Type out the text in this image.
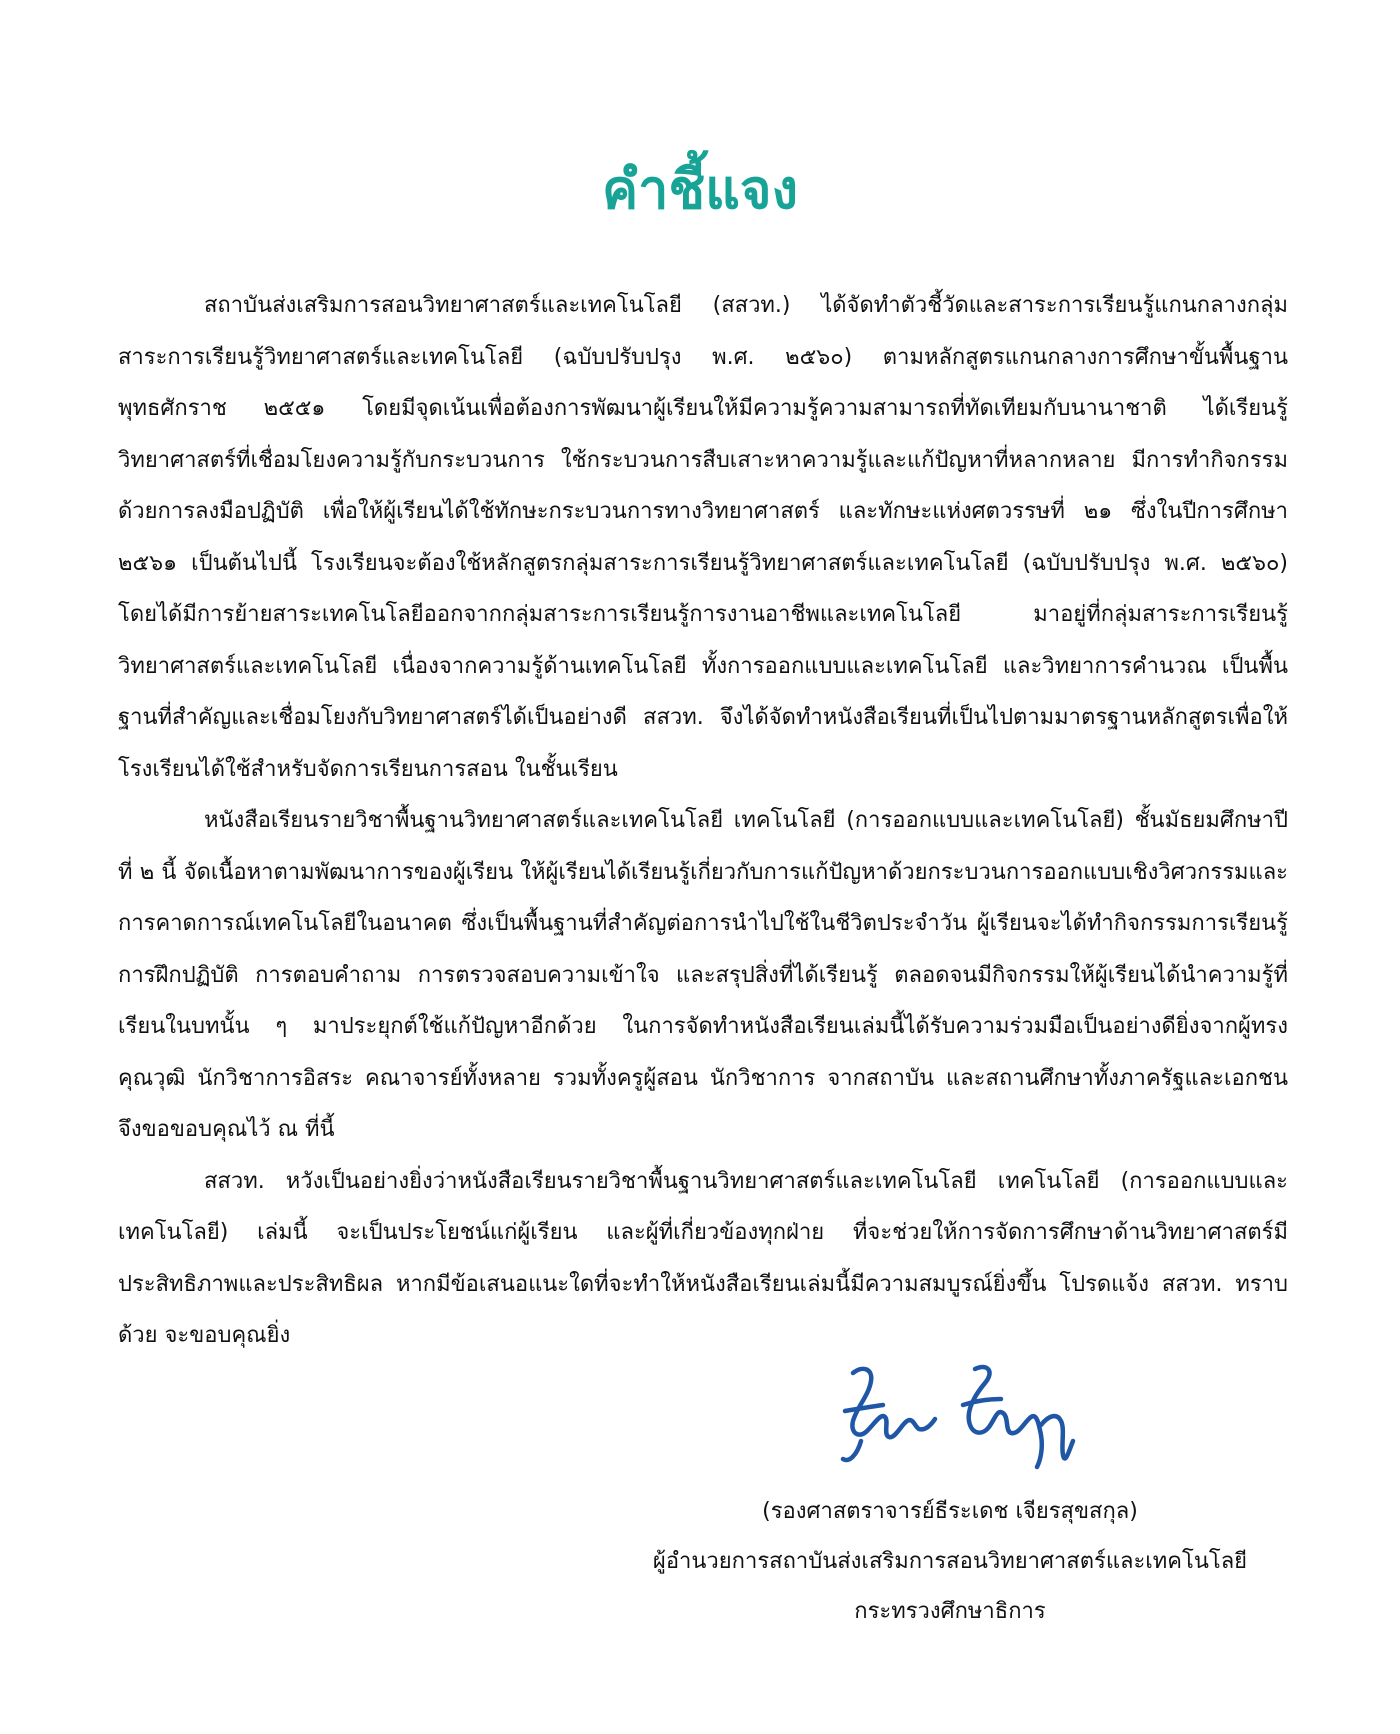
คำชี้แจง

สถาบันส่งเสริมการสอนวิทยาศาสตร์และเทคโนโลยี (สสวท.) ได้จัดทำตัวชี้วัดและสาระการเรียนรู้แกนกลางกลุ่มสาระการเรียนรู้วิทยาศาสตร์และเทคโนโลยี (ฉบับปรับปรุง พ.ศ. ๒๕๖๐) ตามหลักสูตรแกนกลางการศึกษาขั้นพื้นฐาน พุทธศักราช ๒๕๕๑ โดยมีจุดเน้นเพื่อต้องการพัฒนาผู้เรียนให้มีความรู้ความสามารถที่ทัดเทียมกับนานาชาติ ได้เรียนรู้วิทยาศาสตร์ที่เชื่อมโยงความรู้กับกระบวนการ ใช้กระบวนการสืบเสาะหาความรู้และแก้ปัญหาที่หลากหลาย มีการทำกิจกรรมด้วยการลงมือปฏิบัติ เพื่อให้ผู้เรียนได้ใช้ทักษะกระบวนการทางวิทยาศาสตร์ และทักษะแห่งศตวรรษที่ ๒๑ ซึ่งในปีการศึกษา ๒๕๖๑ เป็นต้นไปนี้ โรงเรียนจะต้องใช้หลักสูตรกลุ่มสาระการเรียนรู้วิทยาศาสตร์และเทคโนโลยี (ฉบับปรับปรุง พ.ศ. ๒๕๖๐) โดยได้มีการย้ายสาระเทคโนโลยีออกจากกลุ่มสาระการเรียนรู้การงานอาชีพและเทคโนโลยี มาอยู่ที่กลุ่มสาระการเรียนรู้วิทยาศาสตร์และเทคโนโลยี เนื่องจากความรู้ด้านเทคโนโลยี ทั้งการออกแบบและเทคโนโลยี และวิทยาการคำนวณ เป็นพื้นฐานที่สำคัญและเชื่อมโยงกับวิทยาศาสตร์ได้เป็นอย่างดี สสวท. จึงได้จัดทำหนังสือเรียนที่เป็นไปตามมาตรฐานหลักสูตรเพื่อให้โรงเรียนได้ใช้สำหรับจัดการเรียนการสอน ในชั้นเรียน

หนังสือเรียนรายวิชาพื้นฐานวิทยาศาสตร์และเทคโนโลยี เทคโนโลยี (การออกแบบและเทคโนโลยี) ชั้นมัธยมศึกษาปีที่ ๒ นี้ จัดเนื้อหาตามพัฒนาการของผู้เรียน ให้ผู้เรียนได้เรียนรู้เกี่ยวกับการแก้ปัญหาด้วยกระบวนการออกแบบเชิงวิศวกรรมและการคาดการณ์เทคโนโลยีในอนาคต ซึ่งเป็นพื้นฐานที่สำคัญต่อการนำไปใช้ในชีวิตประจำวัน ผู้เรียนจะได้ทำกิจกรรมการเรียนรู้การฝึกปฏิบัติ การตอบคำถาม การตรวจสอบความเข้าใจ และสรุปสิ่งที่ได้เรียนรู้ ตลอดจนมีกิจกรรมให้ผู้เรียนได้นำความรู้ที่เรียนในบทนั้น ๆ มาประยุกต์ใช้แก้ปัญหาอีกด้วย ในการจัดทำหนังสือเรียนเล่มนี้ได้รับความร่วมมือเป็นอย่างดียิ่งจากผู้ทรงคุณวุฒิ นักวิชาการอิสระ คณาจารย์ทั้งหลาย รวมทั้งครูผู้สอน นักวิชาการ จากสถาบัน และสถานศึกษาทั้งภาครัฐและเอกชน จึงขอขอบคุณไว้ ณ ที่นี้

สสวท. หวังเป็นอย่างยิ่งว่าหนังสือเรียนรายวิชาพื้นฐานวิทยาศาสตร์และเทคโนโลยี เทคโนโลยี (การออกแบบและเทคโนโลยี) เล่มนี้ จะเป็นประโยชน์แก่ผู้เรียน และผู้ที่เกี่ยวข้องทุกฝ่าย ที่จะช่วยให้การจัดการศึกษาด้านวิทยาศาสตร์มีประสิทธิภาพและประสิทธิผล หากมีข้อเสนอแนะใดที่จะทำให้หนังสือเรียนเล่มนี้มีความสมบูรณ์ยิ่งขึ้น โปรดแจ้ง สสวท. ทราบด้วย จะขอบคุณยิ่ง

(รองศาสตราจารย์ธีระเดช เจียรสุขสกุล)
ผู้อำนวยการสถาบันส่งเสริมการสอนวิทยาศาสตร์และเทคโนโลยี
กระทรวงศึกษาธิการ
